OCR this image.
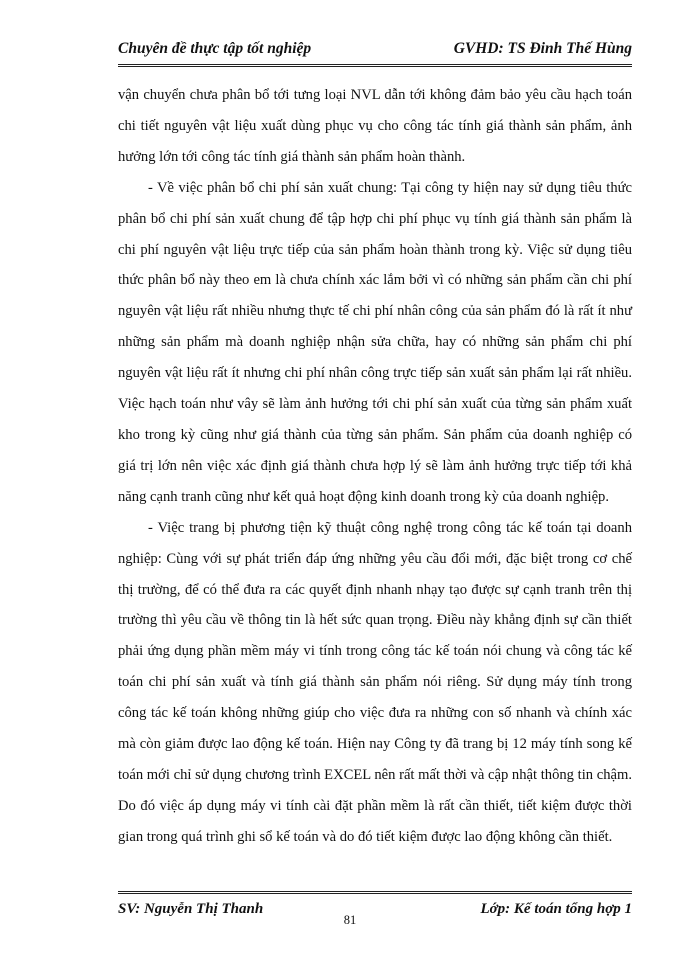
Chuyên đề thực tập tốt nghiệp	GVHD: TS Đinh Thế Hùng

vận chuyển chưa phân bổ tới tưng loại NVL dẫn tới không đảm bảo yêu cầu hạch toán chi tiết nguyên vật liệu xuất dùng phục vụ cho công tác tính giá thành sản phẩm, ảnh hưởng lớn tới công tác tính giá thành sản phẩm hoàn thành.

- Về việc phân bổ chi phí sản xuất chung: Tại công ty hiện nay sử dụng tiêu thức phân bổ chi phí sản xuất chung để tập hợp chi phí phục vụ tính giá thành sản phẩm là chi phí nguyên vật liệu trực tiếp của sản phẩm hoàn thành trong kỳ. Việc sử dụng tiêu thức phân bổ này theo em là chưa chính xác lắm bởi vì có những sản phẩm cần chi phí nguyên vật liệu rất nhiều nhưng thực tế chi phí nhân công của sản phẩm đó là rất ít như những sản phẩm mà doanh nghiệp nhận sửa chữa, hay có những sản phẩm chi phí nguyên vật liệu rất ít nhưng chi phí nhân công trực tiếp sản xuất sản phẩm lại rất nhiều. Việc hạch toán như vây sẽ làm ảnh hưởng tới chi phí sản xuất của từng sản phẩm xuất kho trong kỳ cũng như giá thành của từng sản phẩm. Sản phẩm của doanh nghiệp có giá trị lớn nên việc xác định giá thành chưa hợp lý sẽ làm ảnh hưởng trực tiếp tới khả năng cạnh tranh cũng như kết quả hoạt động kinh doanh trong kỳ của doanh nghiệp.

- Việc trang bị phương tiện kỹ thuật công nghệ trong công tác kế toán tại doanh nghiệp: Cùng với sự phát triển đáp ứng những yêu cầu đổi mới, đặc biệt trong cơ chế thị trường, để có thể đưa ra các quyết định nhanh nhạy tạo được sự cạnh tranh trên thị trường thì yêu cầu về thông tin là hết sức quan trọng. Điều này khẳng định sự cần thiết phải ứng dụng phần mềm máy vi tính trong công tác kế toán nói chung và công tác kế toán chi phí sản xuất và tính giá thành sản phẩm nói riêng. Sử dụng máy tính trong công tác kế toán không những giúp cho việc đưa ra những con số nhanh và chính xác mà còn giảm được lao động kế toán. Hiện nay Công ty đã trang bị 12 máy tính song kế toán mới chỉ sử dụng chương trình EXCEL nên rất mất thời và cập nhật thông tin chậm. Do đó việc áp dụng máy vi tính cài đặt phần mềm là rất cần thiết, tiết kiệm được thời gian trong quá trình ghi sổ kế toán và do đó tiết kiệm được lao động không cần thiết.

SV: Nguyễn Thị Thanh	Lớp: Kế toán tổng hợp 1
81
